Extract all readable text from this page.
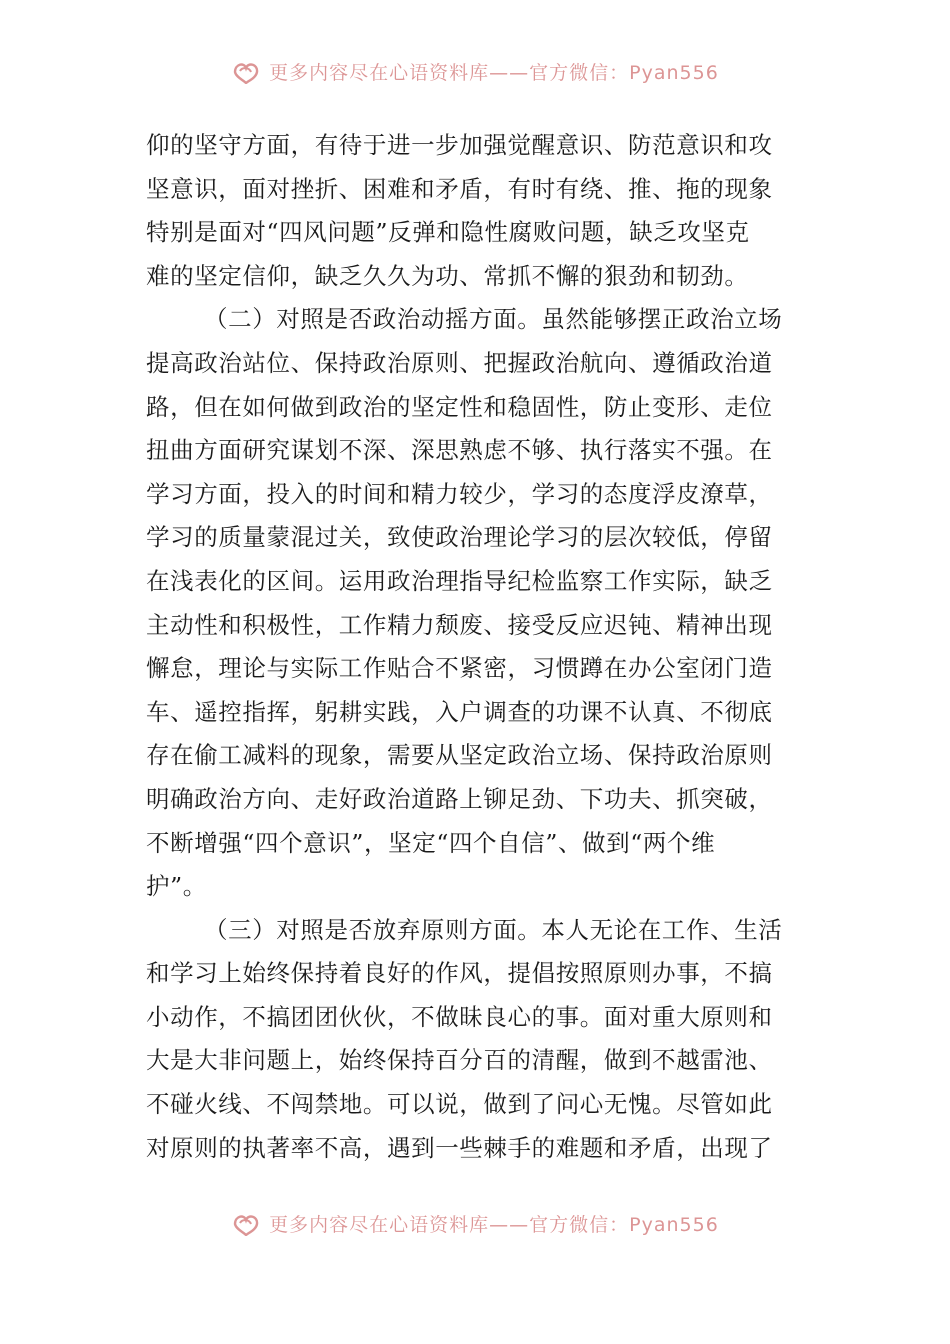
更多内容尽在心语资料库——官方微信：Pyan556
仰的坚守方面，有待于进一步加强觉醒意识、防范意识和攻
坚意识，面对挫折、困难和矛盾，有时有绕、推、拖的现象
特别是面对“四风问题”反弹和隐性腐败问题，缺乏攻坚克
难的坚定信仰，缺乏久久为功、常抓不懈的狠劲和韧劲。
（二）对照是否政治动摇方面。虽然能够摆正政治立场
提高政治站位、保持政治原则、把握政治航向、遵循政治道
路，但在如何做到政治的坚定性和稳固性，防止变形、走位
扭曲方面研究谋划不深、深思熟虑不够、执行落实不强。在
学习方面，投入的时间和精力较少，学习的态度浮皮潦草，
学习的质量蒙混过关，致使政治理论学习的层次较低，停留
在浅表化的区间。运用政治理指导纪检监察工作实际，缺乏
主动性和积极性，工作精力颓废、接受反应迟钝、精神出现
懈怠，理论与实际工作贴合不紧密，习惯蹲在办公室闭门造
车、遥控指挥，躬耕实践，入户调查的功课不认真、不彻底
存在偷工减料的现象，需要从坚定政治立场、保持政治原则
明确政治方向、走好政治道路上铆足劲、下功夫、抓突破，
不断增强“四个意识”，坚定“四个自信”、做到“两个维
护”。
（三）对照是否放弃原则方面。本人无论在工作、生活
和学习上始终保持着良好的作风，提倡按照原则办事，不搞
小动作，不搞团团伙伙，不做昧良心的事。面对重大原则和
大是大非问题上，始终保持百分百的清醒，做到不越雷池、
不碰火线、不闯禁地。可以说，做到了问心无愧。尽管如此
对原则的执著率不高，遇到一些棘手的难题和矛盾，出现了
更多内容尽在心语资料库——官方微信：Pyan556
